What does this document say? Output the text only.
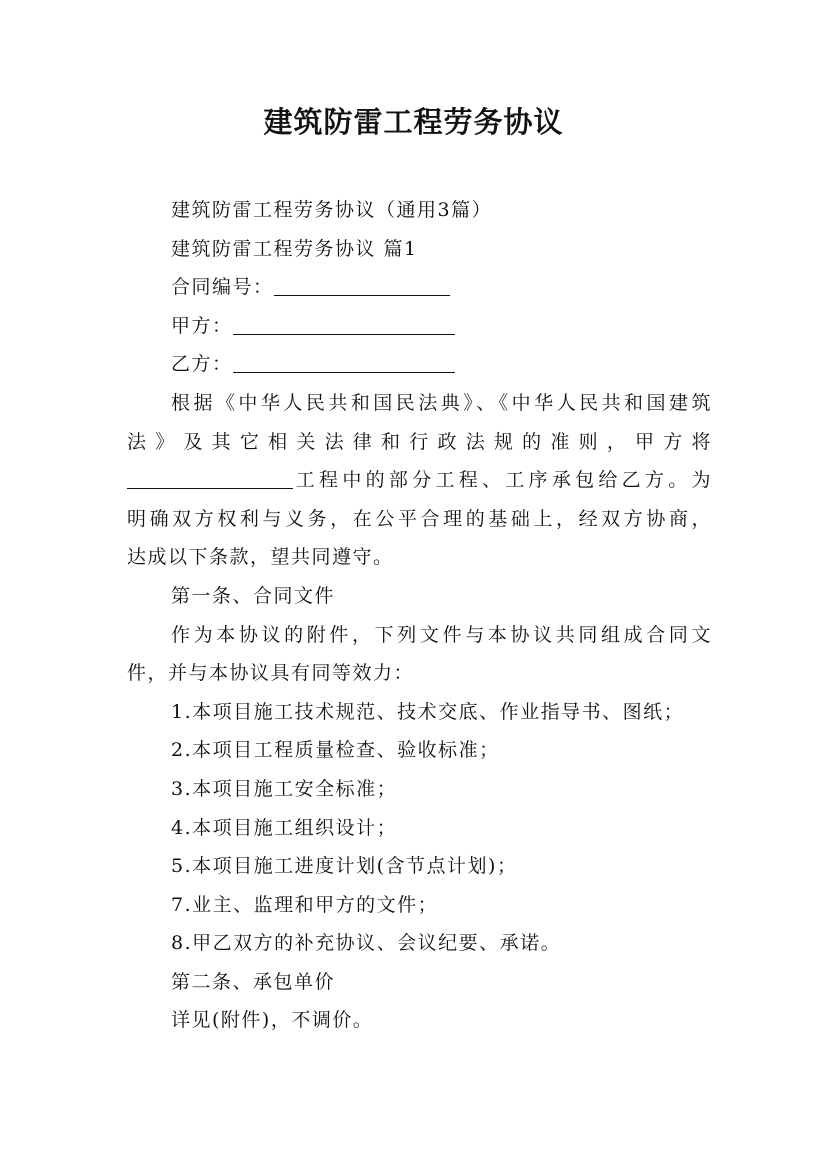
建筑防雷工程劳务协议
建筑防雷工程劳务协议（通用3篇）
建筑防雷工程劳务协议 篇1
合同编号：
甲方：
乙方：
根据《中华人民共和国民法典》、《中华人民共和国建筑
法》及其它相关法律和行政法规的准则，甲方将
工程中的部分工程、工序承包给乙方。为
明确双方权利与义务，在公平合理的基础上，经双方协商，
达成以下条款，望共同遵守。
第一条、合同文件
作为本协议的附件，下列文件与本协议共同组成合同文
件，并与本协议具有同等效力：
1.本项目施工技术规范、技术交底、作业指导书、图纸；
2.本项目工程质量检查、验收标准；
3.本项目施工安全标准；
4.本项目施工组织设计；
5.本项目施工进度计划(含节点计划)；
7.业主、监理和甲方的文件；
8.甲乙双方的补充协议、会议纪要、承诺。
第二条、承包单价
详见(附件)，不调价。
